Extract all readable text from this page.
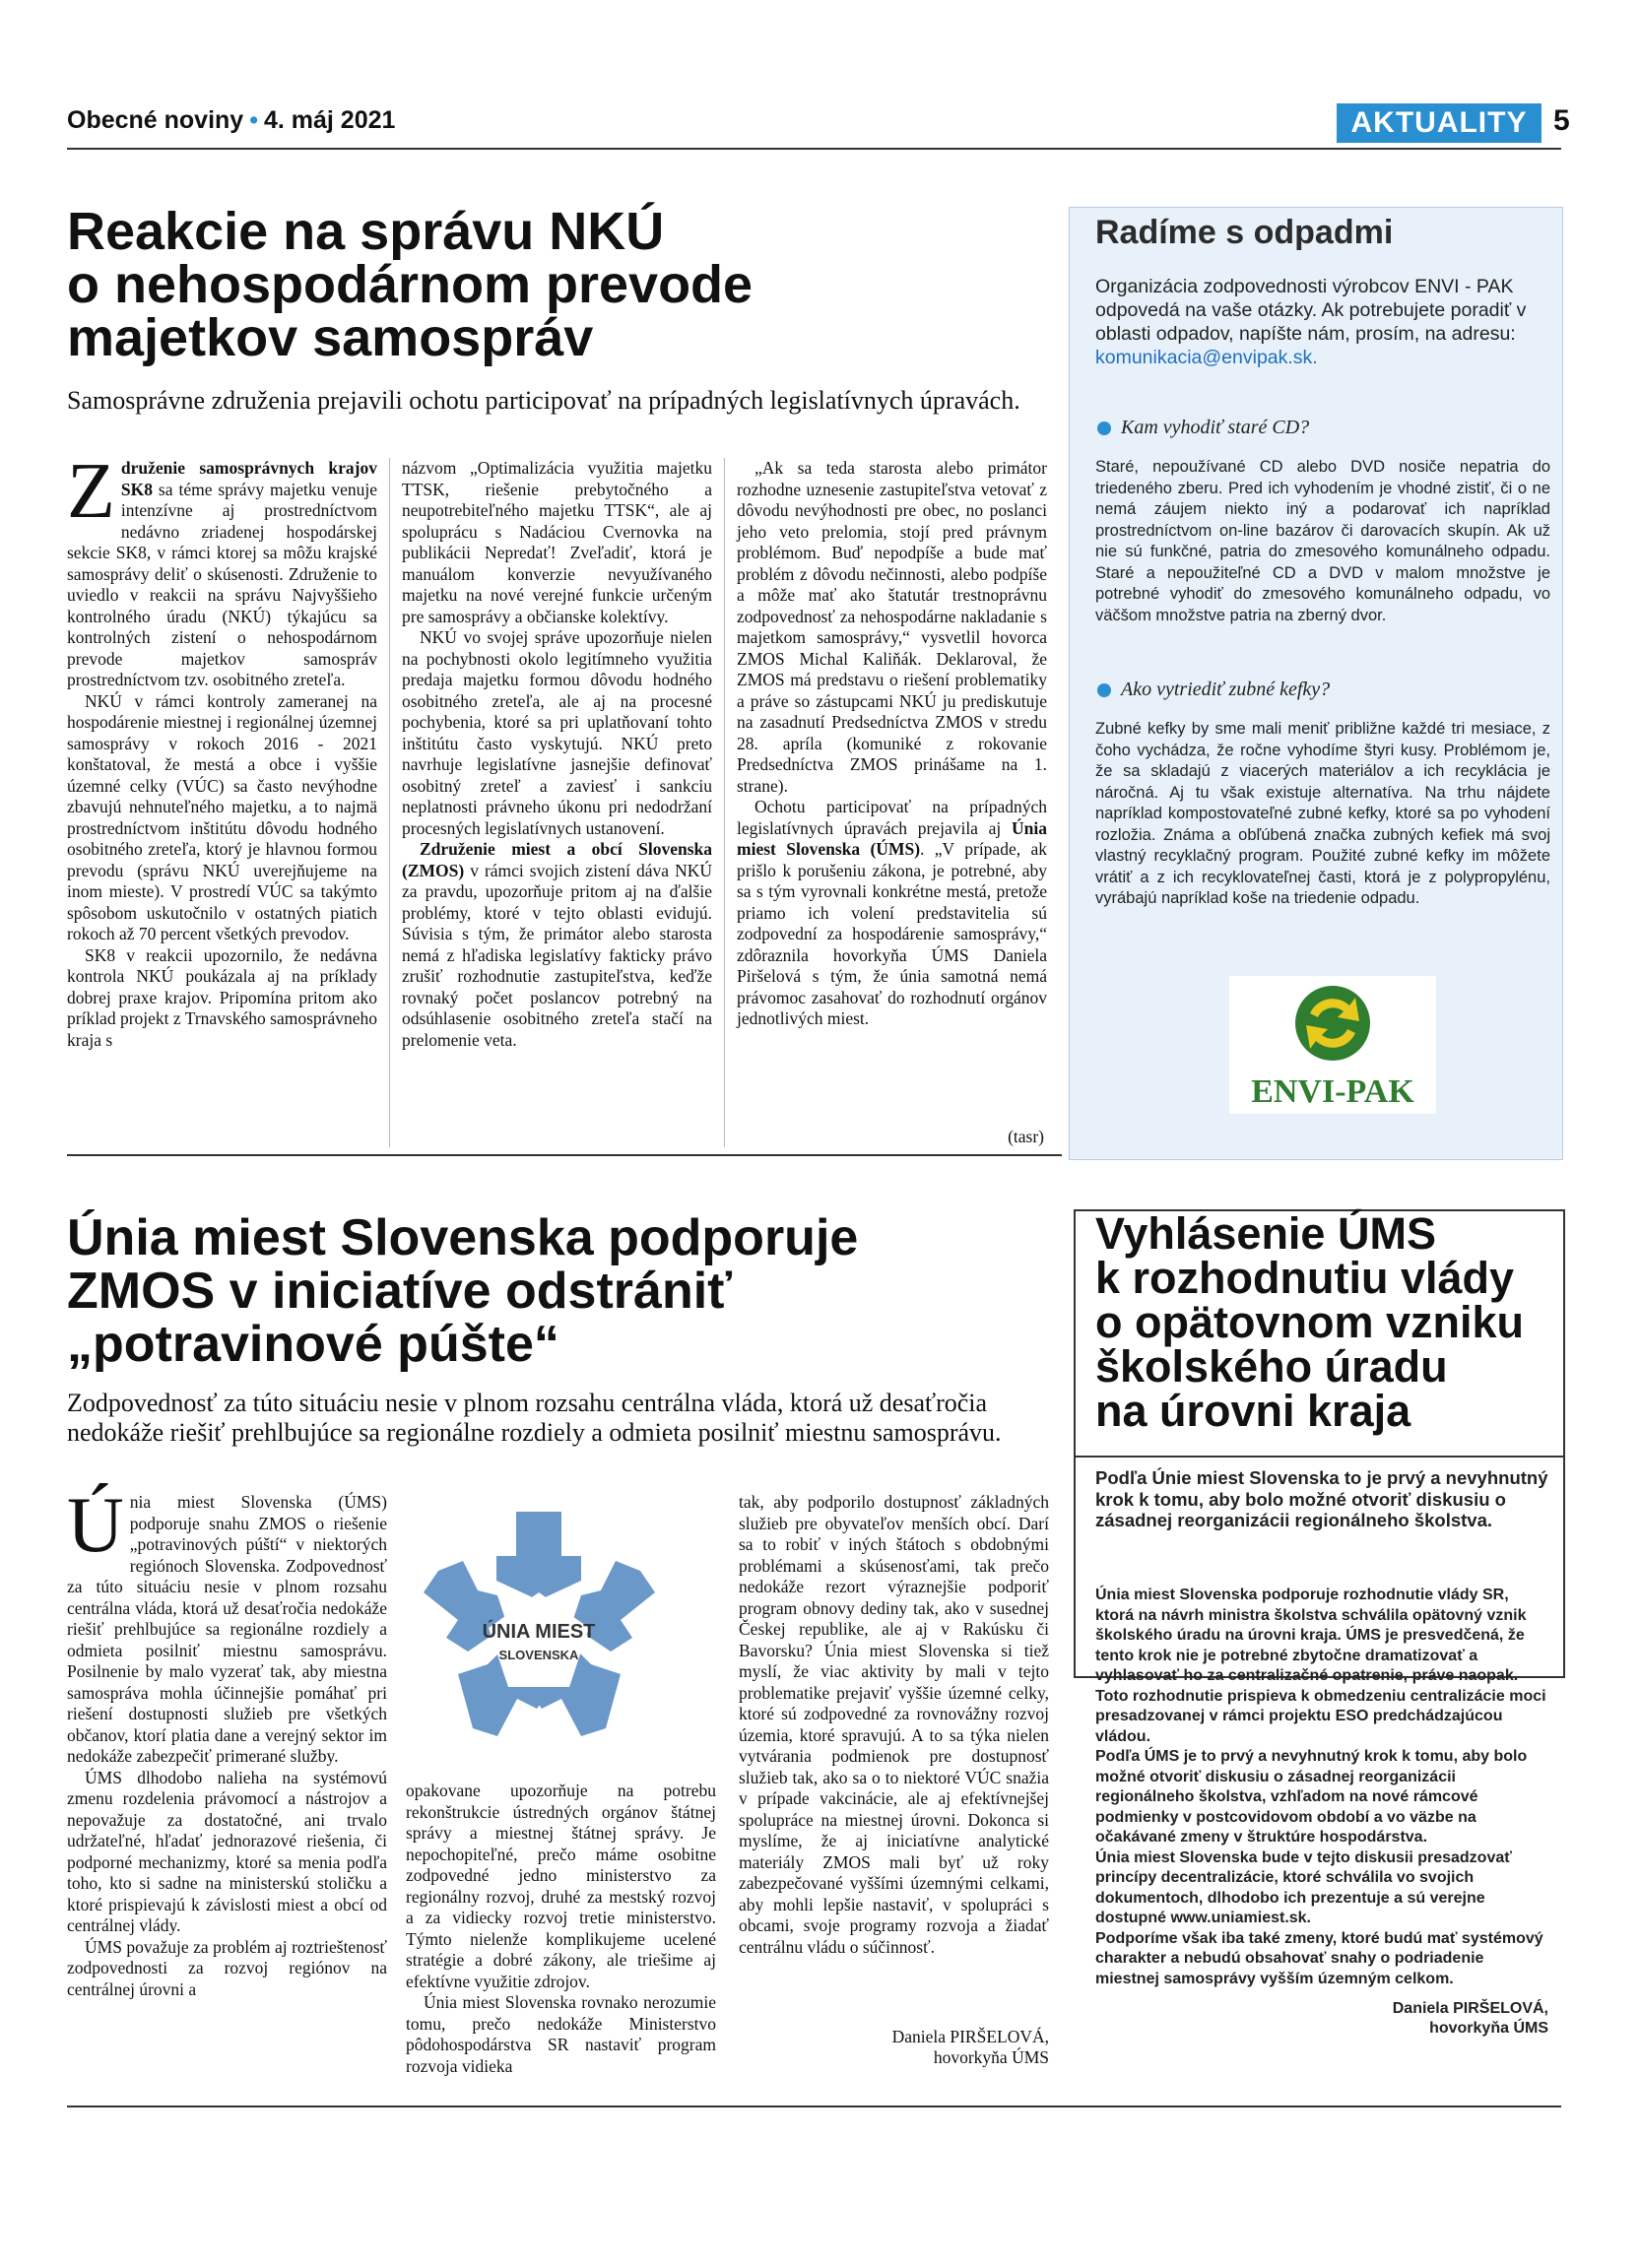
Obecné noviny • 4. máj 2021	AKTUALITY 5
Reakcie na správu NKÚ
o nehospodárnom prevode
majetkov samospráv

Samosprávne združenia prejavili ochotu participovať na prípadných legislatívnych úpravách.

Združenie samosprávnych krajov SK8 sa téme správy majetku venuje intenzívne aj prostredníctvom nedávno zriadenej hospodárskej sekcie SK8, v rámci ktorej sa môžu krajské samosprávy deliť o skúsenosti. Združenie to uviedlo v reakcii na správu Najvyššieho kontrolného úradu (NKÚ) týkajúcu sa kontrolných zistení o nehospodárnom prevode majetkov samospráv prostredníctvom tzv. osobitného zreteľa.

NKÚ v rámci kontroly zameranej na hospodárenie miestnej i regionálnej územnej samosprávy v rokoch 2016 - 2021 konštatoval, že mestá a obce i vyššie územné celky (VÚC) sa často nevýhodne zbavujú nehnuteľného majetku, a to najmä prostredníctvom inštitútu dôvodu hodného osobitného zreteľa, ktorý je hlavnou formou prevodu (správu NKÚ uverejňujeme na inom mieste). V prostredí VÚC sa takýmto spôsobom uskutočnilo v ostatných piatich rokoch až 70 percent všetkých prevodov.

SK8 v reakcii upozornilo, že nedávna kontrola NKÚ poukázala aj na príklady dobrej praxe krajov. Pripomína pritom ako príklad projekt z Trnavského samosprávneho kraja s

názvom „Optimalizácia využitia majetku TTSK, riešenie prebytočného a neupotrebiteľného majetku TTSK“, ale aj spoluprácu s Nadáciou Cvernovka na publikácii Nepredať! Zveľadiť, ktorá je manuálom konverzie nevyužívaného majetku na nové verejné funkcie určeným pre samosprávy a občianske kolektívy.

NKÚ vo svojej správe upozorňuje nielen na pochybnosti okolo legitímneho využitia predaja majetku formou dôvodu hodného osobitného zreteľa, ale aj na procesné pochybenia, ktoré sa pri uplatňovaní tohto inštitútu často vyskytujú. NKÚ preto navrhuje legislatívne jasnejšie definovať osobitný zreteľ a zaviesť i sankciu neplatnosti právneho úkonu pri nedodržaní procesných legislatívnych ustanovení.

Združenie miest a obcí Slovenska (ZMOS) v rámci svojich zistení dáva NKÚ za pravdu, upozorňuje pritom aj na ďalšie problémy, ktoré v tejto oblasti evidujú. Súvisia s tým, že primátor alebo starosta nemá z hľadiska legislatívy fakticky právo zrušiť rozhodnutie zastupiteľstva, keďže rovnaký počet poslancov potrebný na odsúhlasenie osobitného zreteľa stačí na prelomenie veta.

„Ak sa teda starosta alebo primátor rozhodne uznesenie zastupiteľstva vetovať z dôvodu nevýhodnosti pre obec, no poslanci jeho veto prelomia, stojí pred právnym problémom. Buď nepodpíše a bude mať problém z dôvodu nečinnosti, alebo podpíše a môže mať ako štatutár trestnoprávnu zodpovednosť za nehospodárne nakladanie s majetkom samosprávy,“ vysvetlil hovorca ZMOS Michal Kaliňák. Deklaroval, že ZMOS má predstavu o riešení problematiky a práve so zástupcami NKÚ ju prediskutuje na zasadnutí Predsedníctva ZMOS v stredu 28. apríla (komuniké z rokovanie Predsedníctva ZMOS prinášame na 1. strane).

Ochotu participovať na prípadných legislatívnych úpravách prejavila aj Únia miest Slovenska (ÚMS). „V prípade, ak prišlo k porušeniu zákona, je potrebné, aby sa s tým vyrovnali konkrétne mestá, pretože priamo ich volení predstavitelia sú zodpovední za hospodárenie samosprávy,“ zdôraznila hovorkyňa ÚMS Daniela Piršelová s tým, že únia samotná nemá právomoc zasahovať do rozhodnutí orgánov jednotlivých miest.

(tasr)
Radíme s odpadmi
Organizácia zodpovednosti výrobcov ENVI - PAK odpovedá na vaše otázky. Ak potrebujete poradiť v oblasti odpadov, napíšte nám, prosím, na adresu: komunikacia@envipak.sk.
Kam vyhodiť staré CD?
Staré, nepoužívané CD alebo DVD nosiče nepatria do triedeného zberu. Pred ich vyhodením je vhodné zistiť, či o ne nemá záujem niekto iný a podarovať ich napríklad prostredníctvom on-line bazárov či darovacích skupín. Ak už nie sú funkčné, patria do zmesového komunálneho odpadu. Staré a nepoužiteľné CD a DVD v malom množstve je potrebné vyhodiť do zmesového komunálneho odpadu, vo väčšom množstve patria na zberný dvor.
Ako vytriediť zubné kefky?
Zubné kefky by sme mali meniť približne každé tri mesiace, z čoho vychádza, že ročne vyhodíme štyri kusy. Problémom je, že sa skladajú z viacerých materiálov a ich recyklácia je náročná. Aj tu však existuje alternatíva. Na trhu nájdete napríklad kompostovateľné zubné kefky, ktoré sa po vyhodení rozložia. Známa a obľúbená značka zubných kefiek má svoj vlastný recyklačný program. Použité zubné kefky im môžete vrátiť a z ich recyklovateľnej časti, ktorá je z polypropylénu, vyrábajú napríklad koše na triedenie odpadu.
ENVI-PAK
Únia miest Slovenska podporuje
ZMOS v iniciatíve odstrániť
„potravinové púšte“

Zodpovednosť za túto situáciu nesie v plnom rozsahu centrálna vláda, ktorá už desaťročia nedokáže riešiť prehlbujúce sa regionálne rozdiely a odmieta posilniť miestnu samosprávu.

Únia miest Slovenska (ÚMS) podporuje snahu ZMOS o riešenie „potravinových púští“ v niektorých regiónoch Slovenska. Zodpovednosť za túto situáciu nesie v plnom rozsahu centrálna vláda, ktorá už desaťročia nedokáže riešiť prehlbujúce sa regionálne rozdiely a odmieta posilniť miestnu samosprávu. Posilnenie by malo vyzerať tak, aby miestna samospráva mohla účinnejšie pomáhať pri riešení dostupnosti služieb pre všetkých občanov, ktorí platia dane a verejný sektor im nedokáže zabezpečiť primerané služby.

ÚMS dlhodobo nalieha na systémovú zmenu rozdelenia právomocí a nástrojov a nepovažuje za dostatočné, ani trvalo udržateľné, hľadať jednorazové riešenia, či podporné mechanizmy, ktoré sa menia podľa toho, kto si sadne na ministerskú stoličku a ktoré prispievajú k závislosti miest a obcí od centrálnej vlády.

ÚMS považuje za problém aj roztrieštenosť zodpovednosti za rozvoj regiónov na centrálnej úrovni a

ÚNIA MIEST
SLOVENSKA

opakovane upozorňuje na potrebu rekonštrukcie ústredných orgánov štátnej správy a miestnej štátnej správy. Je nepochopiteľné, prečo máme osobitne zodpovedné jedno ministerstvo za regionálny rozvoj, druhé za mestský rozvoj a za vidiecky rozvoj tretie ministerstvo. Týmto nielenže komplikujeme ucelené stratégie a dobré zákony, ale triešime aj efektívne využitie zdrojov.

Únia miest Slovenska rovnako nerozumie tomu, prečo nedokáže Ministerstvo pôdohospodárstva SR nastaviť program rozvoja vidieka

tak, aby podporilo dostupnosť základných služieb pre obyvateľov menších obcí. Darí sa to robiť v iných štátoch s obdobnými problémami a skúsenosťami, tak prečo nedokáže rezort výraznejšie podporiť program obnovy dediny tak, ako v susednej Českej republike, ale aj v Rakúsku či Bavorsku? Únia miest Slovenska si tiež myslí, že viac aktivity by mali v tejto problematike prejaviť vyššie územné celky, ktoré sú zodpovedné za rovnovážny rozvoj územia, ktoré spravujú. A to sa týka nielen vytvárania podmienok pre dostupnosť služieb tak, ako sa o to niektoré VÚC snažia v prípade vakcinácie, ale aj efektívnejšej spolupráce na miestnej úrovni. Dokonca si myslíme, že aj iniciatívne analytické materiály ZMOS mali byť už roky zabezpečované vyššími územnými celkami, aby mohli lepšie nastaviť, v spolupráci s obcami, svoje programy rozvoja a žiadať centrálnu vládu o súčinnosť.

Daniela PIRŠELOVÁ,
hovorkyňa ÚMS
Vyhlásenie ÚMS
k rozhodnutiu vlády
o opätovnom vzniku
školského úradu
na úrovni kraja
Podľa Únie miest Slovenska to je prvý a nevyhnutný krok k tomu, aby bolo možné otvoriť diskusiu o zásadnej reorganizácii regionálneho školstva.

Únia miest Slovenska podporuje rozhodnutie vlády SR, ktorá na návrh ministra školstva schválila opätovný vznik školského úradu na úrovni kraja. ÚMS je presvedčená, že tento krok nie je potrebné zbytočne dramatizovať a vyhlasovať ho za centralizačné opatrenie, práve naopak. Toto rozhodnutie prispieva k obmedzeniu centralizácie moci presadzovanej v rámci projektu ESO predchádzajúcou vládou.

Podľa ÚMS je to prvý a nevyhnutný krok k tomu, aby bolo možné otvoriť diskusiu o zásadnej reorganizácii regionálneho školstva, vzhľadom na nové rámcové podmienky v postcovidovom období a vo väzbe na očakávané zmeny v štruktúre hospodárstva.

Únia miest Slovenska bude v tejto diskusii presadzovať princípy decentralizácie, ktoré schválila vo svojich dokumentoch, dlhodobo ich prezentuje a sú verejne dostupné www.uniamiest.sk.

Podporíme však iba také zmeny, ktoré budú mať systémový charakter a nebudú obsahovať snahy o podriadenie miestnej samosprávy vyšším územným celkom.

Daniela PIRŠELOVÁ,
hovorkyňa ÚMS
